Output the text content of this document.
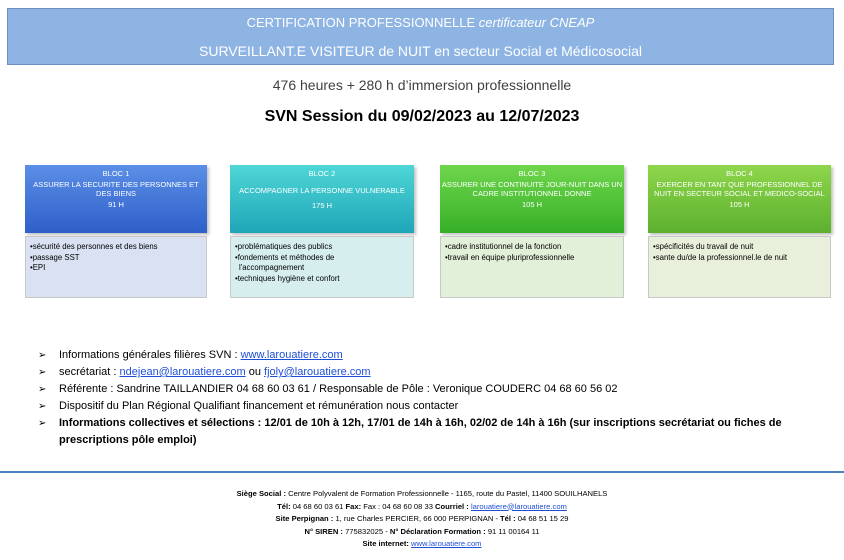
CERTIFICATION PROFESSIONNELLE certificateur CNEAP
SURVEILLANT.E VISITEUR de NUIT en secteur Social et Médicosocial
476 heures + 280 h d’immersion professionnelle
SVN Session du 09/02/2023 au 12/07/2023
BLOC 1
ASSURER LA SECURITE DES PERSONNES ET DES BIENS
91 H
•sécurité des personnes et des biens
•passage SST
•EPI
BLOC 2
ACCOMPAGNER LA PERSONNE VULNERABLE
175 H
•problématiques des publics
•fondements et méthodes de
l'accompagnement
•techniques hygiène et confort
BLOC 3
ASSURER UNE CONTINUITE JOUR-NUIT DANS UN CADRE INSTITUTIONNEL DONNE
105 H
•cadre institutionnel de la fonction
•travail en équipe pluriprofessionnelle
BLOC 4
EXERCER EN TANT QUE PROFESSIONNEL DE NUIT EN SECTEUR SOCIAL ET MEDICO-SOCIAL
105 H
•spécificités du travail de nuit
•sante du/de la professionnel.le de nuit
➢ Informations générales filières SVN : www.larouatiere.com
➢ secrétariat : ndejean@larouatiere.com ou fjoly@larouatiere.com
➢ Référente : Sandrine TAILLANDIER 04 68 60 03 61 / Responsable de Pôle : Veronique COUDERC 04 68 60 56 02
➢ Dispositif du Plan Régional Qualifiant financement et rémunération nous contacter
➢ Informations collectives et sélections : 12/01 de 10h à 12h, 17/01 de 14h à 16h, 02/02 de 14h à 16h (sur inscriptions secrétariat ou fiches de prescriptions pôle emploi)
Siège Social : Centre Polyvalent de Formation Professionnelle - 1165, route du Pastel, 11400 SOUILHANELS
Tél: 04 68 60 03 61 Fax: Fax : 04 68 60 08 33 Courriel : larouatiere@larouatiere.com
Site Perpignan : 1, rue Charles PERCIER, 66 000 PERPIGNAN - Tél : 04 68 51 15 29
N° SIREN : 775832025 - N° Déclaration Formation : 91 11 00164 11
Site internet: www.larouatiere.com
